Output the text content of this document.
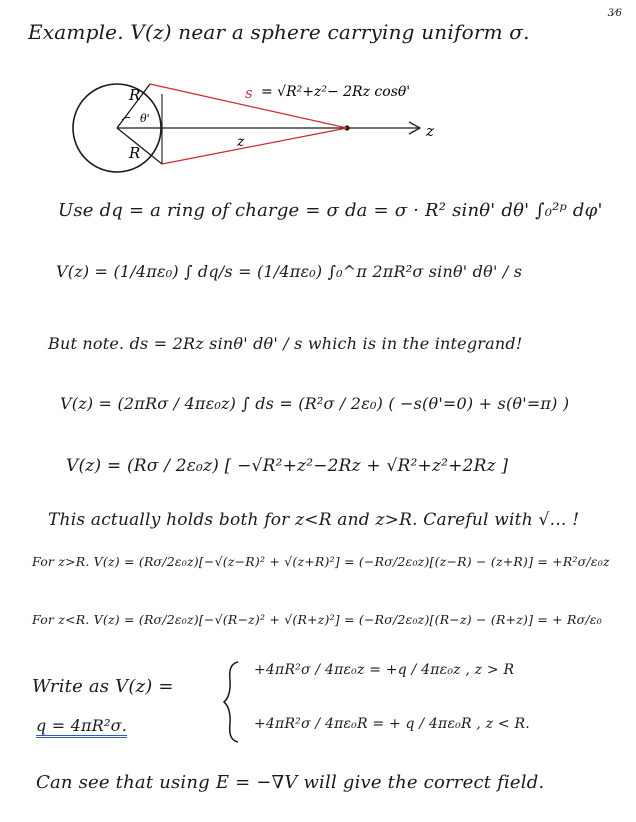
3⁄6
Example. V(z) near a sphere carrying uniform σ.
R
R
θ'
z
z
s = √R²+z²− 2Rz cosθ'
Use dq = a ring of charge = σ da = σ · R² sinθ' dθ' ∫₀²ᵖ dφ'
V(z) = (1/4πε₀) ∫ dq/s = (1/4πε₀) ∫₀^π 2πR²σ sinθ' dθ' / s
But note. ds = 2Rz sinθ' dθ' / s which is in the integrand!
V(z) = (2πRσ / 4πε₀z) ∫ ds = (R²σ / 2ε₀) ( −s(θ'=0) + s(θ'=π) )
V(z) = (Rσ / 2ε₀z) [ −√R²+z²−2Rz + √R²+z²+2Rz ]
This actually holds both for z<R and z>R. Careful with √… !
For z>R. V(z) = (Rσ/2ε₀z)[−√(z−R)² + √(z+R)²] = (−Rσ/2ε₀z)[(z−R) − (z+R)] = +R²σ/ε₀z
For z<R. V(z) = (Rσ/2ε₀z)[−√(R−z)² + √(R+z)²] = (−Rσ/2ε₀z)[(R−z) − (R+z)] = + Rσ/ε₀
Write as V(z) =
+4πR²σ / 4πε₀z = +q / 4πε₀z , z > R
+4πR²σ / 4πε₀R = + q / 4πε₀R , z < R.
q = 4πR²σ.
Can see that using E = −∇V will give the correct field.
